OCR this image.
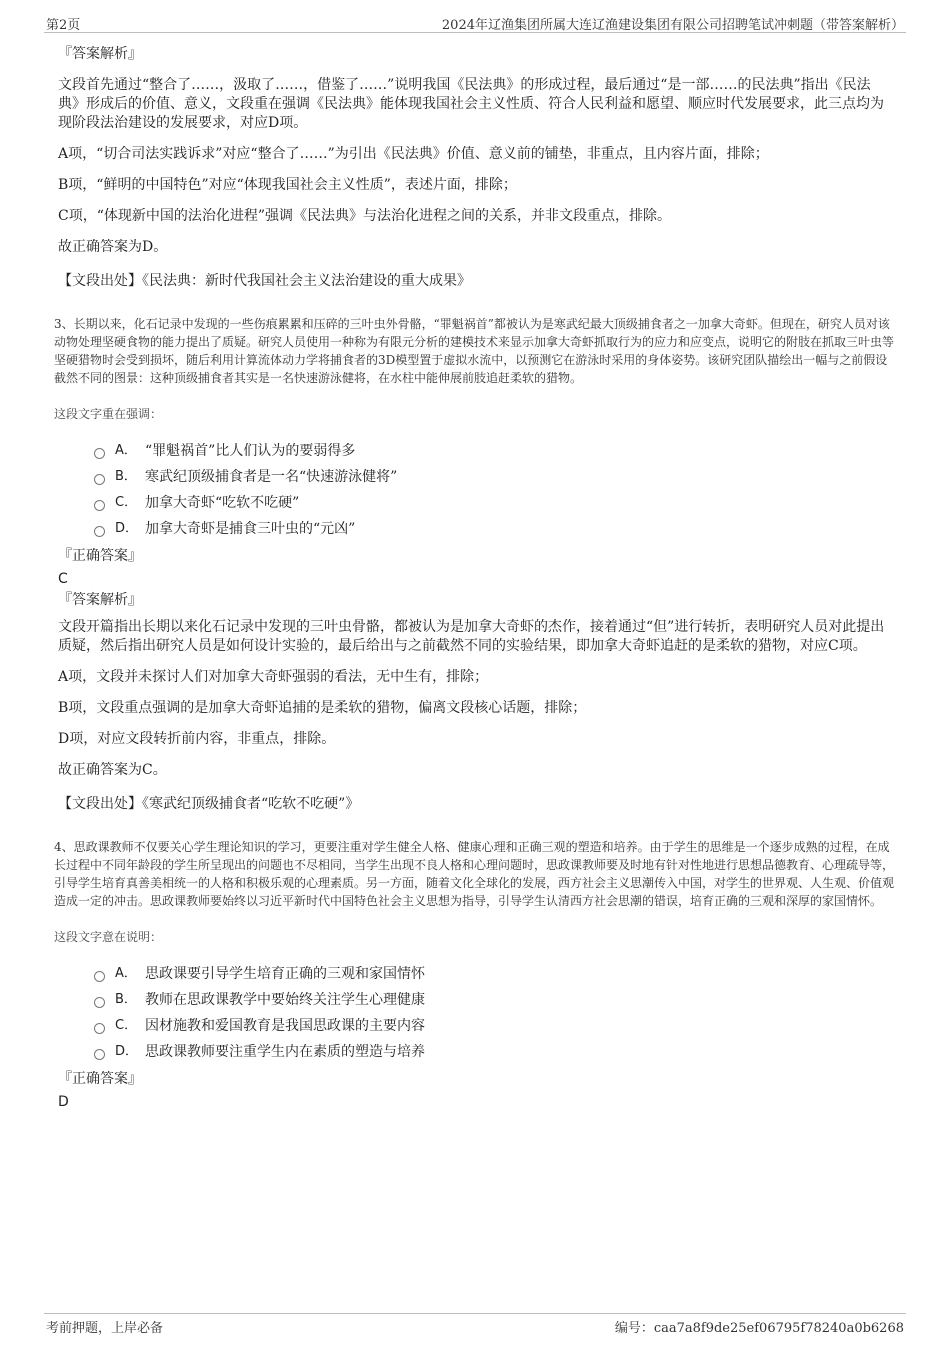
第2页	2024年辽渔集团所属大连辽渔建设集团有限公司招聘笔试冲刺题（带答案解析）
『答案解析』

文段首先通过“整合了……，汲取了……，借鉴了……”说明我国《民法典》的形成过程，最后通过“是一部……的民法典”指出《民法典》形成后的价值、意义，文段重在强调《民法典》能体现我国社会主义性质、符合人民利益和愿望、顺应时代发展要求，此三点均为现阶段法治建设的发展要求，对应D项。

A项，“切合司法实践诉求”对应“整合了……”为引出《民法典》价值、意义前的铺垫，非重点，且内容片面，排除；

B项，“鲜明的中国特色”对应“体现我国社会主义性质”，表述片面，排除；

C项，“体现新中国的法治化进程”强调《民法典》与法治化进程之间的关系，并非文段重点，排除。

故正确答案为D。

【文段出处】《民法典：新时代我国社会主义法治建设的重大成果》

3、长期以来，化石记录中发现的一些伤痕累累和压碎的三叶虫外骨骼，“罪魁祸首”都被认为是寒武纪最大顶级捕食者之一加拿大奇虾。但现在，研究人员对该动物处理坚硬食物的能力提出了质疑。研究人员使用一种称为有限元分析的建模技术来显示加拿大奇虾抓取行为的应力和应变点，说明它的附肢在抓取三叶虫等坚硬猎物时会受到损坏，随后利用计算流体动力学将捕食者的3D模型置于虚拟水流中，以预测它在游泳时采用的身体姿势。该研究团队描绘出一幅与之前假设截然不同的图景：这种顶级捕食者其实是一名快速游泳健将，在水柱中能伸展前肢追赶柔软的猎物。
这段文字重在强调：
A． “罪魁祸首”比人们认为的要弱得多
B． 寒武纪顶级捕食者是一名“快速游泳健将”
C． 加拿大奇虾“吃软不吃硬”
D． 加拿大奇虾是捕食三叶虫的“元凶”
『正确答案』
C
『答案解析』

文段开篇指出长期以来化石记录中发现的三叶虫骨骼，都被认为是加拿大奇虾的杰作，接着通过“但”进行转折，表明研究人员对此提出质疑，然后指出研究人员是如何设计实验的，最后给出与之前截然不同的实验结果，即加拿大奇虾追赶的是柔软的猎物，对应C项。

A项，文段并未探讨人们对加拿大奇虾强弱的看法，无中生有，排除；

B项，文段重点强调的是加拿大奇虾追捕的是柔软的猎物，偏离文段核心话题，排除；

D项，对应文段转折前内容，非重点，排除。

故正确答案为C。

【文段出处】《寒武纪顶级捕食者“吃软不吃硬”》

4、思政课教师不仅要关心学生理论知识的学习，更要注重对学生健全人格、健康心理和正确三观的塑造和培养。由于学生的思维是一个逐步成熟的过程，在成长过程中不同年龄段的学生所呈现出的问题也不尽相同，当学生出现不良人格和心理问题时，思政课教师要及时地有针对性地进行思想品德教育、心理疏导等，引导学生培育真善美相统一的人格和积极乐观的心理素质。另一方面，随着文化全球化的发展，西方社会主义思潮传入中国，对学生的世界观、人生观、价值观造成一定的冲击。思政课教师要始终以习近平新时代中国特色社会主义思想为指导，引导学生认清西方社会思潮的错误，培育正确的三观和深厚的家国情怀。
这段文字意在说明：
A． 思政课要引导学生培育正确的三观和家国情怀
B． 教师在思政课教学中要始终关注学生心理健康
C． 因材施教和爱国教育是我国思政课的主要内容
D． 思政课教师要注重学生内在素质的塑造与培养
『正确答案』
D
考前押题，上岸必备	编号：caa7a8f9de25ef06795f78240a0b6268
